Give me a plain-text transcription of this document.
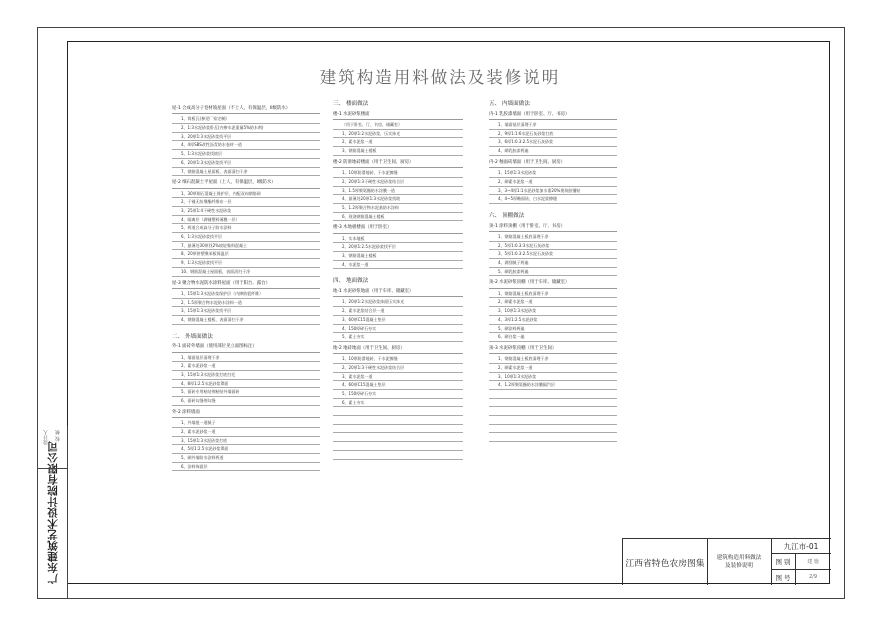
广东建筑艺术设计院有限公司
设计人 校 核
建筑构造用料做法及装修说明
屋-1 合成高分子卷材坡屋面（不上人，有保温层，II级防水）
1、筒板瓦(参见厂家定制)
2、1:3水泥砂浆卧瓦(内掺水泥重量5%防水剂)
3、20厚1:3水泥砂浆找平层
4、4厚SBS改性沥青防水卷材一道
5、1:3水泥砂浆找坡层
6、20厚1:3水泥砂浆找平层
7、钢筋混凝土屋面板，表面清扫干净
屋-2 细石混凝土平屋面（上人，有保温层，I级防水）
1、30厚细石混凝土保护层，内配双向钢筋网
2、干铺无纺聚酯纤维布一层
3、25厚1:4干硬性水泥砂浆
4、隔离层（满铺塑料薄膜一层）
5、两道合成高分子防水涂料
6、1:3水泥砂浆找平层
7、最薄处30厚找2%坡轻集料混凝土
8、20厚挤塑聚苯板保温层
9、1:3水泥砂浆找平层
10、钢筋混凝土屋面板，表面清扫干净
屋-3 聚合物水泥防水涂料屋面（用于阳台、露台）
1、15厚1:3水泥砂浆保护层（内掺防裂纤维）
2、1.5厚聚合物水泥防水涂料一道
3、15厚1:3水泥砂浆找平层
4、钢筋混凝土楼板，表面清扫干净
二、 外墙面做法
外-1 面砖外墙面（使用部位见立面图标注）
1、墙面基层清理干净
2、素水泥砂浆一道
3、15厚1:3水泥砂浆打底扫毛
4、8厚1:2.5水泥砂浆罩面
5、面砖专用粘结剂粘贴外墙面砖
6、面砖勾缝剂勾缝
外-2 涂料墙面
1、外墙批一道腻子
2、素水泥砂浆一道
3、15厚1:3水泥砂浆打底
4、5厚1:2.5水泥砂浆罩面
5、刷外墙防水涂料两道
6、涂料饰面层
三、 楼面做法
楼-1 水泥砂浆楼面
（用于卧室、厅、书房、储藏室）
1、20厚1:2水泥砂浆，压实抹光
2、素水泥浆一道
3、钢筋混凝土楼板
楼-2 防滑地砖楼面（用于卫生间、厨房）
1、10厚防滑地砖，干水泥擦缝
2、20厚1:3干硬性水泥砂浆结合层
3、1.5厚聚氨酯防水涂膜一道
4、最薄处20厚1:3水泥砂浆找坡
5、1.2厚聚合物水泥基防水涂料
6、现浇钢筋混凝土楼板
楼-3 木地板楼面（用于卧室）
1、实木地板
2、20厚1:2.5水泥砂浆找平层
3、钢筋混凝土楼板
4、水泥浆一道
四、 地面做法
地-1 水泥砂浆地面（用于车库、储藏室）
1、20厚1:2水泥砂浆抹面压实抹光
2、素水泥浆结合层一道
3、60厚C15混凝土垫层
4、150厚碎石夯实
5、素土夯实
地-2 地砖地面（用于卫生间、厨房）
1、10厚防滑地砖，干水泥擦缝
2、20厚1:3干硬性水泥砂浆结合层
3、素水泥浆一道
4、60厚C15混凝土垫层
5、150厚碎石夯实
6、素土夯实
五、 内墙面做法
内-1 乳胶漆墙面（用于卧室、厅、书房）
1、墙面基层清理干净
2、9厚1:1:6水泥石灰砂浆打底
3、6厚1:0.3:2.5水泥石灰砂浆
4、刷乳胶漆两遍
内-2 釉面砖墙面（用于卫生间、厨房）
1、15厚1:3水泥砂浆
2、刷素水泥浆一道
3、3~4厚1:1水泥砂浆加水重20%建筑胶镶贴
4、4~5厚釉面砖，白水泥浆擦缝
六、 顶棚做法
顶-1 涂料顶棚（用于卧室、厅、书房）
1、钢筋混凝土板底清理干净
2、5厚1:0.3:3水泥石灰砂浆
3、5厚1:0.3:2.5水泥石灰砂浆
4、满刮腻子两遍
5、刷乳胶漆两遍
顶-2 水泥砂浆顶棚（用于车库、储藏室）
1、钢筋混凝土板底清理干净
2、刷素水泥浆一道
3、10厚1:3水泥砂浆
4、3厚1:2.5水泥砂浆
5、刷涂料两遍
6、刷白浆一遍
顶-3 水泥砂浆顶棚（用于卫生间）
1、钢筋混凝土板底清理干净
2、刷素水泥浆一道
3、10厚1:3水泥砂浆
4、1.2厚聚氨酯防水涂膜隔汽层
江西省特色农房图集
建筑构造用料做法
及装修说明
九江市-01
图 别	建 施
图 号	2/9
